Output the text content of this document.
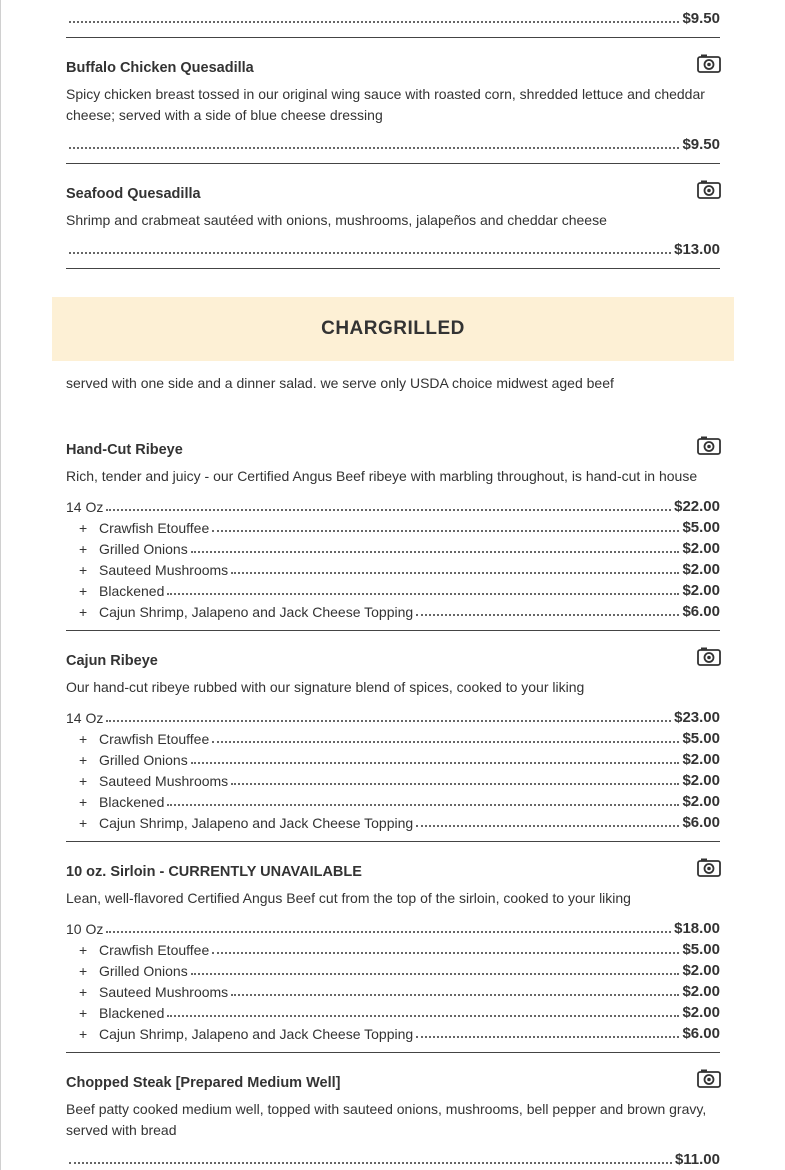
$9.50
Buffalo Chicken Quesadilla
Spicy chicken breast tossed in our original wing sauce with roasted corn, shredded lettuce and cheddar cheese; served with a side of blue cheese dressing
$9.50
Seafood Quesadilla
Shrimp and crabmeat sautéed with onions, mushrooms, jalapeños and cheddar cheese
$13.00
CHARGRILLED
served with one side and a dinner salad. we serve only USDA choice midwest aged beef
Hand-Cut Ribeye
Rich, tender and juicy - our Certified Angus Beef ribeye with marbling throughout, is hand-cut in house
14 Oz	$22.00
+ Crawfish Etouffee	$5.00
+ Grilled Onions	$2.00
+ Sauteed Mushrooms	$2.00
+ Blackened	$2.00
+ Cajun Shrimp, Jalapeno and Jack Cheese Topping	$6.00
Cajun Ribeye
Our hand-cut ribeye rubbed with our signature blend of spices, cooked to your liking
14 Oz	$23.00
+ Crawfish Etouffee	$5.00
+ Grilled Onions	$2.00
+ Sauteed Mushrooms	$2.00
+ Blackened	$2.00
+ Cajun Shrimp, Jalapeno and Jack Cheese Topping	$6.00
10 oz. Sirloin - CURRENTLY UNAVAILABLE
Lean, well-flavored Certified Angus Beef cut from the top of the sirloin, cooked to your liking
10 Oz	$18.00
+ Crawfish Etouffee	$5.00
+ Grilled Onions	$2.00
+ Sauteed Mushrooms	$2.00
+ Blackened	$2.00
+ Cajun Shrimp, Jalapeno and Jack Cheese Topping	$6.00
Chopped Steak [Prepared Medium Well]
Beef patty cooked medium well, topped with sauteed onions, mushrooms, bell pepper and brown gravy, served with bread
$11.00
